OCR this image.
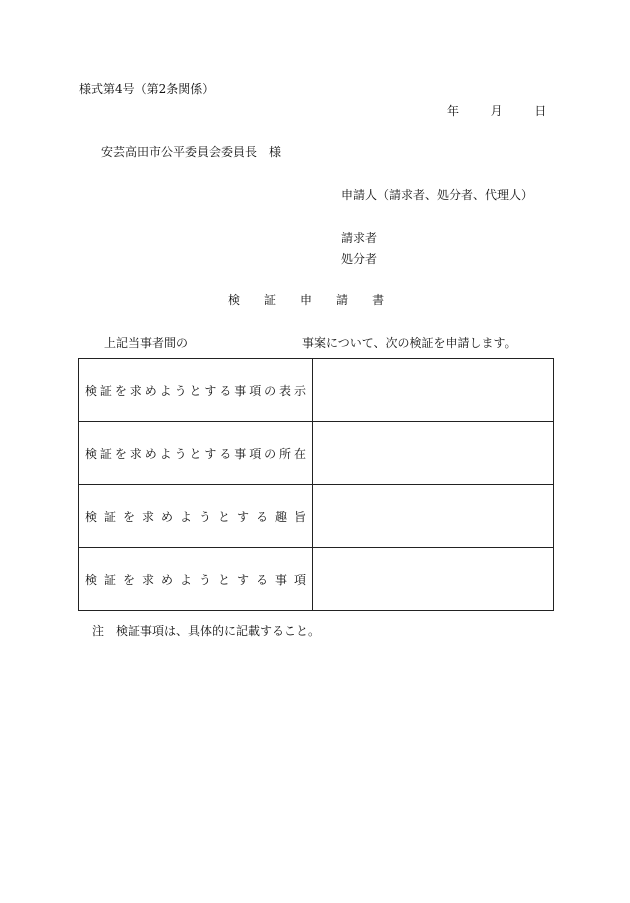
様式第4号（第2条関係）
年	月	日
安芸高田市公平委員会委員長　様
申請人（請求者、処分者、代理人）
請求者
処分者
検 証 申 請 書
上記当事者間の	事案について、次の検証を申請します。
検証を求めようとする事項の表示	

検証を求めようとする事項の所在	

検証を求めようとする趣旨	

検証を求めようとする事項	

注　検証事項は、具体的に記載すること。
